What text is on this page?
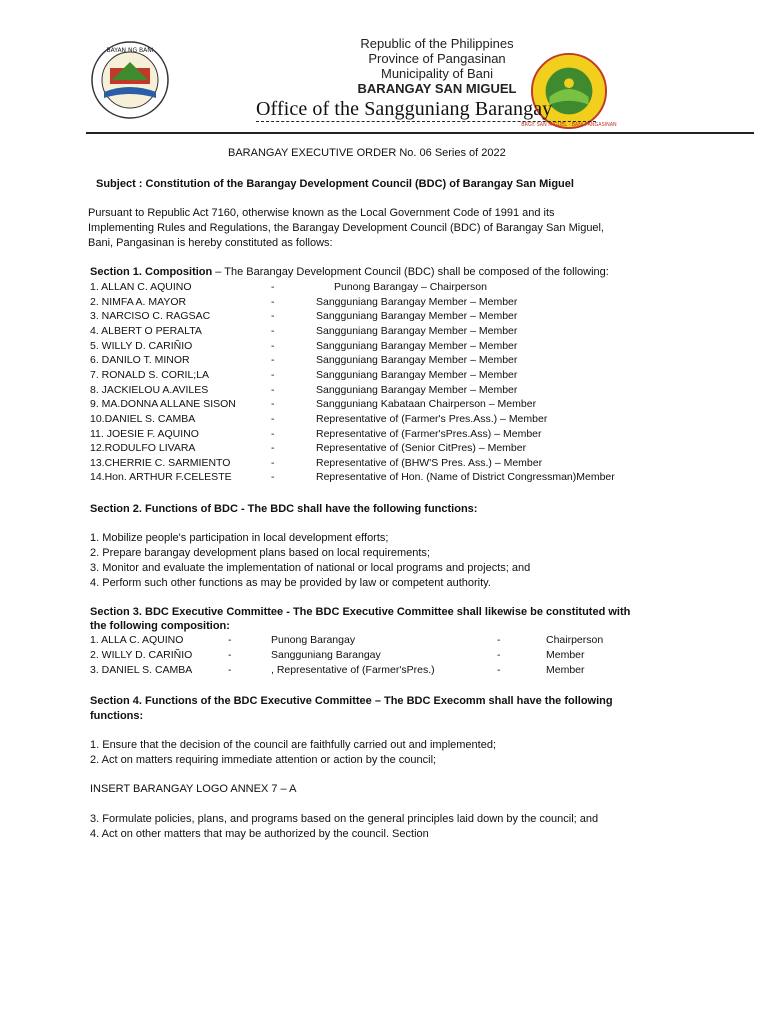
BAYAN NG BANI	Republic of the Philippines
Province of Pangasinan
Municipality of Bani
BARANGAY SAN MIGUEL
BRGY. SAN MIGUEL · BANI PANGASINAN
Office of the Sangguniang Barangay
BARANGAY EXECUTIVE ORDER No. 06 Series of 2022
Subject : Constitution of the Barangay Development Council (BDC) of Barangay San Miguel
Pursuant to Republic Act 7160, otherwise known as the Local Government Code of 1991 and its
Implementing Rules and Regulations, the Barangay Development Council (BDC) of Barangay San Miguel,
Bani, Pangasinan is hereby constituted as follows:
Section 1. Composition – The Barangay Development Council (BDC) shall be composed of the following:
1. ALLAN C. AQUINO	-	Punong Barangay – Chairperson
2. NIMFA A. MAYOR	-	Sangguniang Barangay Member – Member
3. NARCISO C. RAGSAC	-	Sangguniang Barangay Member – Member
4. ALBERT O PERALTA	-	Sangguniang Barangay Member – Member
5. WILLY D. CARIÑIO	-	Sangguniang Barangay Member – Member
6. DANILO T. MINOR	-	Sangguniang Barangay Member – Member
7. RONALD S. CORIL;LA	-	Sangguniang Barangay Member – Member
8. JACKIELOU A.AVILES	-	Sangguniang Barangay Member – Member
9. MA.DONNA ALLANE SISON	-	Sangguniang Kabataan Chairperson – Member
10.DANIEL S. CAMBA	-	Representative of (Farmer's Pres.Ass.) – Member
11. JOESIE F. AQUINO	-	Representative of (Farmer'sPres.Ass) – Member
12.RODULFO LIVARA	-	Representative of (Senior CitPres) – Member
13.CHERRIE C. SARMIENTO	-	Representative of (BHW'S Pres. Ass.) – Member
14.Hon. ARTHUR F.CELESTE	-	Representative of Hon. (Name of District Congressman)Member
Section 2. Functions of BDC - The BDC shall have the following functions:
1. Mobilize people's participation in local development efforts;
2. Prepare barangay development plans based on local requirements;
3. Monitor and evaluate the implementation of national or local programs and projects; and
4. Perform such other functions as may be provided by law or competent authority.
Section 3. BDC Executive Committee - The BDC Executive Committee shall likewise be constituted with
the following composition:
1. ALLA C. AQUINO	-	Punong Barangay	-	Chairperson
2. WILLY D. CARIÑIO	-	Sangguniang Barangay	-	Member
3. DANIEL S. CAMBA	-	, Representative of (Farmer'sPres.)	-	Member
Section 4. Functions of the BDC Executive Committee – The BDC Execomm shall have the following
functions:
1. Ensure that the decision of the council are faithfully carried out and implemented;
2. Act on matters requiring immediate attention or action by the council;
INSERT BARANGAY LOGO ANNEX 7 – A
3. Formulate policies, plans, and programs based on the general principles laid down by the council; and
4. Act on other matters that may be authorized by the council. Section
